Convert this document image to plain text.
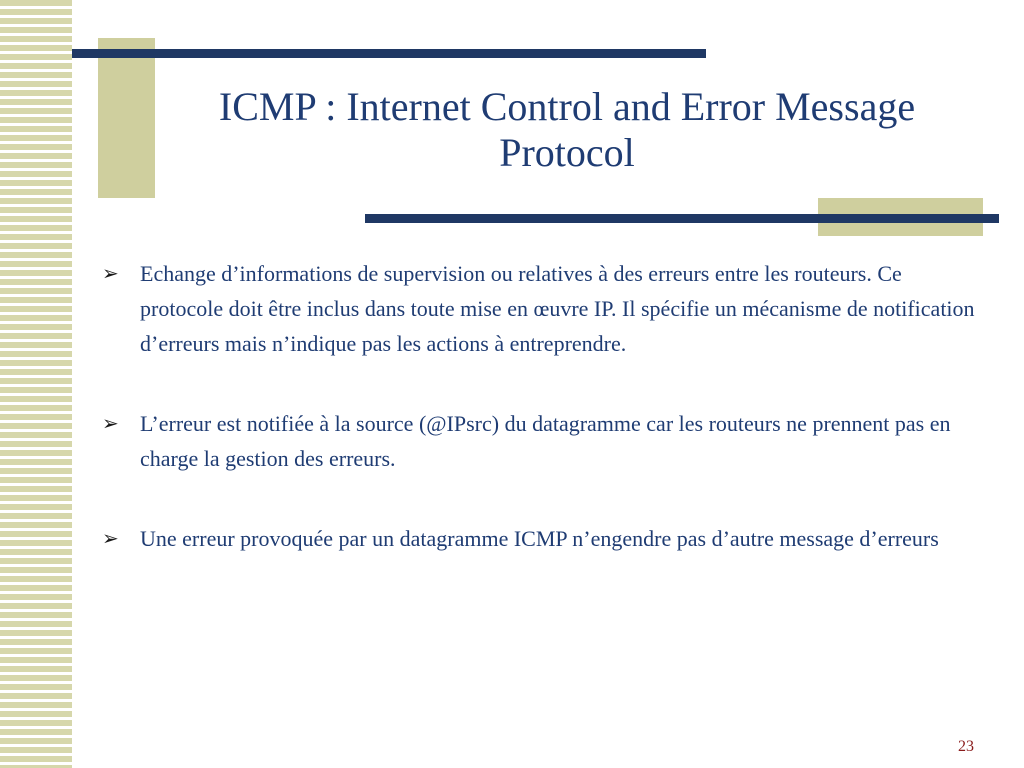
ICMP : Internet Control and Error Message Protocol
➢ Echange d’informations de supervision ou relatives à des erreurs entre les routeurs. Ce protocole doit être inclus dans toute mise en œuvre IP. Il spécifie un mécanisme de notification d’erreurs mais n’indique pas les actions à entreprendre.
➢ L’erreur est notifiée à la source (@IPsrc) du datagramme car les routeurs ne prennent pas en charge la gestion des erreurs.
➢ Une erreur provoquée par un datagramme ICMP n’engendre pas d’autre message d’erreurs
23
